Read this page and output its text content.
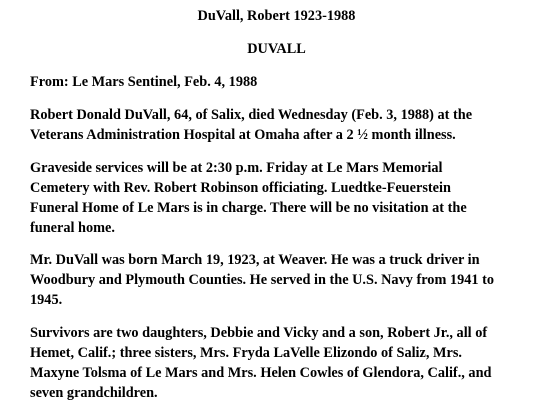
DuVall, Robert 1923-1988
DUVALL
From: Le Mars Sentinel, Feb. 4, 1988
Robert Donald DuVall, 64, of Salix, died Wednesday (Feb. 3, 1988) at the
Veterans Administration Hospital at Omaha after a 2 ½ month illness.
Graveside services will be at 2:30 p.m. Friday at Le Mars Memorial
Cemetery with Rev. Robert Robinson officiating. Luedtke-Feuerstein
Funeral Home of Le Mars is in charge. There will be no visitation at the
funeral home.
Mr. DuVall was born March 19, 1923, at Weaver. He was a truck driver in
Woodbury and Plymouth Counties. He served in the U.S. Navy from 1941 to
1945.
Survivors are two daughters, Debbie and Vicky and a son, Robert Jr., all of
Hemet, Calif.; three sisters, Mrs. Fryda LaVelle Elizondo of Saliz, Mrs.
Maxyne Tolsma of Le Mars and Mrs. Helen Cowles of Glendora, Calif., and
seven grandchildren.
